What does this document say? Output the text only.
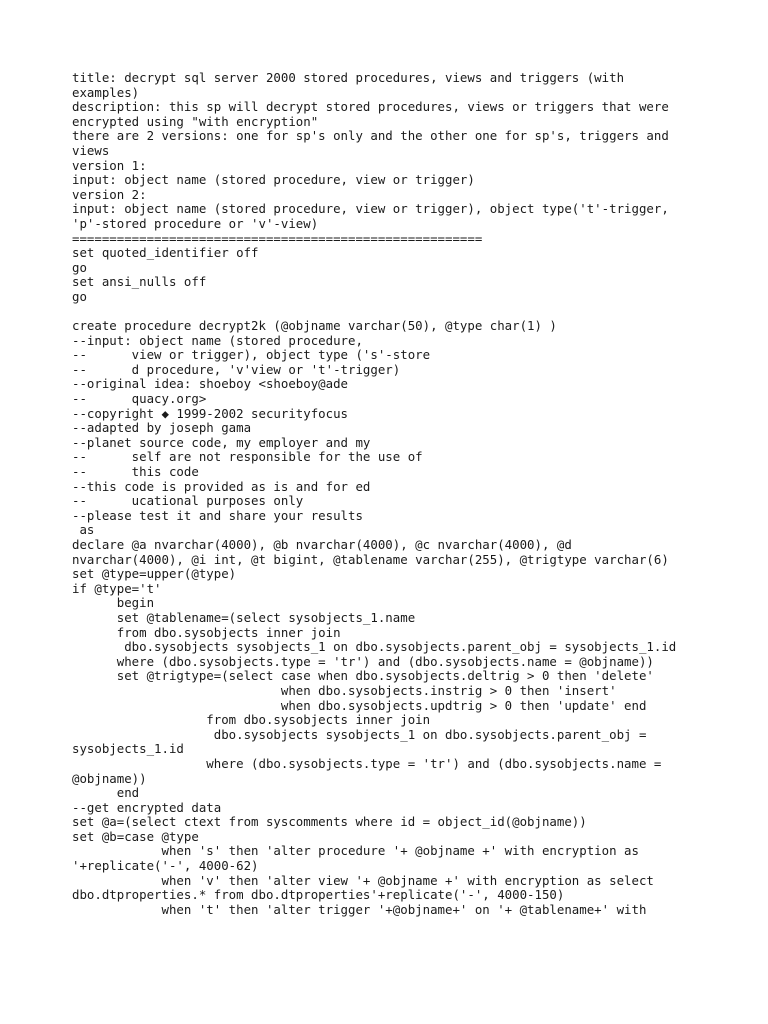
title: decrypt sql server 2000 stored procedures, views and triggers (with
examples)
description: this sp will decrypt stored procedures, views or triggers that were
encrypted using "with encryption"
there are 2 versions: one for sp's only and the other one for sp's, triggers and
views
version 1:
input: object name (stored procedure, view or trigger)
version 2:
input: object name (stored procedure, view or trigger), object type('t'-trigger,
'p'-stored procedure or 'v'-view)
=======================================================
set quoted_identifier off
go
set ansi_nulls off
go
create procedure decrypt2k (@objname varchar(50), @type char(1) )
--input: object name (stored procedure,
--      view or trigger), object type ('s'-store
--      d procedure, 'v'view or 't'-trigger)
--original idea: shoeboy <shoeboy@ade
--      quacy.org>
--copyright ◆ 1999-2002 securityfocus
--adapted by joseph gama
--planet source code, my employer and my
--      self are not responsible for the use of
--      this code
--this code is provided as is and for ed
--      ucational purposes only
--please test it and share your results
as
declare @a nvarchar(4000), @b nvarchar(4000), @c nvarchar(4000), @d
nvarchar(4000), @i int, @t bigint, @tablename varchar(255), @trigtype varchar(6)
set @type=upper(@type)
if @type='t'
begin
set @tablename=(select sysobjects_1.name
from dbo.sysobjects inner join
dbo.sysobjects sysobjects_1 on dbo.sysobjects.parent_obj = sysobjects_1.id
where (dbo.sysobjects.type = 'tr') and (dbo.sysobjects.name = @objname))
set @trigtype=(select case when dbo.sysobjects.deltrig > 0 then 'delete'
when dbo.sysobjects.instrig > 0 then 'insert'
when dbo.sysobjects.updtrig > 0 then 'update' end
from dbo.sysobjects inner join
dbo.sysobjects sysobjects_1 on dbo.sysobjects.parent_obj =
sysobjects_1.id
where (dbo.sysobjects.type = 'tr') and (dbo.sysobjects.name =
@objname))
end
--get encrypted data
set @a=(select ctext from syscomments where id = object_id(@objname))
set @b=case @type
when 's' then 'alter procedure '+ @objname +' with encryption as
'+replicate('-', 4000-62)
when 'v' then 'alter view '+ @objname +' with encryption as select
dbo.dtproperties.* from dbo.dtproperties'+replicate('-', 4000-150)
when 't' then 'alter trigger '+@objname+' on '+ @tablename+' with
